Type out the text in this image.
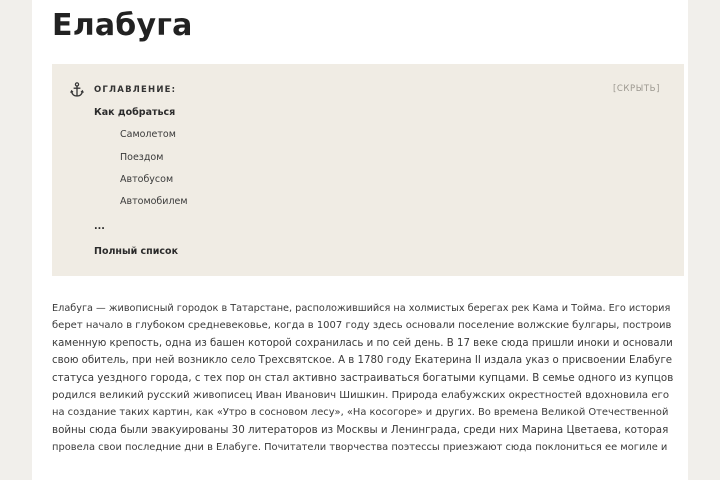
Елабуга
ОГЛАВЛЕНИЕ:	[СКРЫТЬ]
Как добраться
Самолетом
Поездом
Автобусом
Автомобилем
...
Полный список

Елабуга — живописный городок в Татарстане, расположившийся на холмистых берегах рек Кама и Тойма. Его история
берет начало в глубоком средневековье, когда в 1007 году здесь основали поселение волжские булгары, построив
каменную крепость, одна из башен которой сохранилась и по сей день. В 17 веке сюда пришли иноки и основали
свою обитель, при ней возникло село Трехсвятское. А в 1780 году Екатерина II издала указ о присвоении Елабуге
статуса уездного города, с тех пор он стал активно застраиваться богатыми купцами. В семье одного из купцов
родился великий русский живописец Иван Иванович Шишкин. Природа елабужских окрестностей вдохновила его
на создание таких картин, как «Утро в сосновом лесу», «На косогоре» и других. Во времена Великой Отечественной
войны сюда были эвакуированы 30 литераторов из Москвы и Ленинграда, среди них Марина Цветаева, которая
провела свои последние дни в Елабуге. Почитатели творчества поэтессы приезжают сюда поклониться ее могиле и
